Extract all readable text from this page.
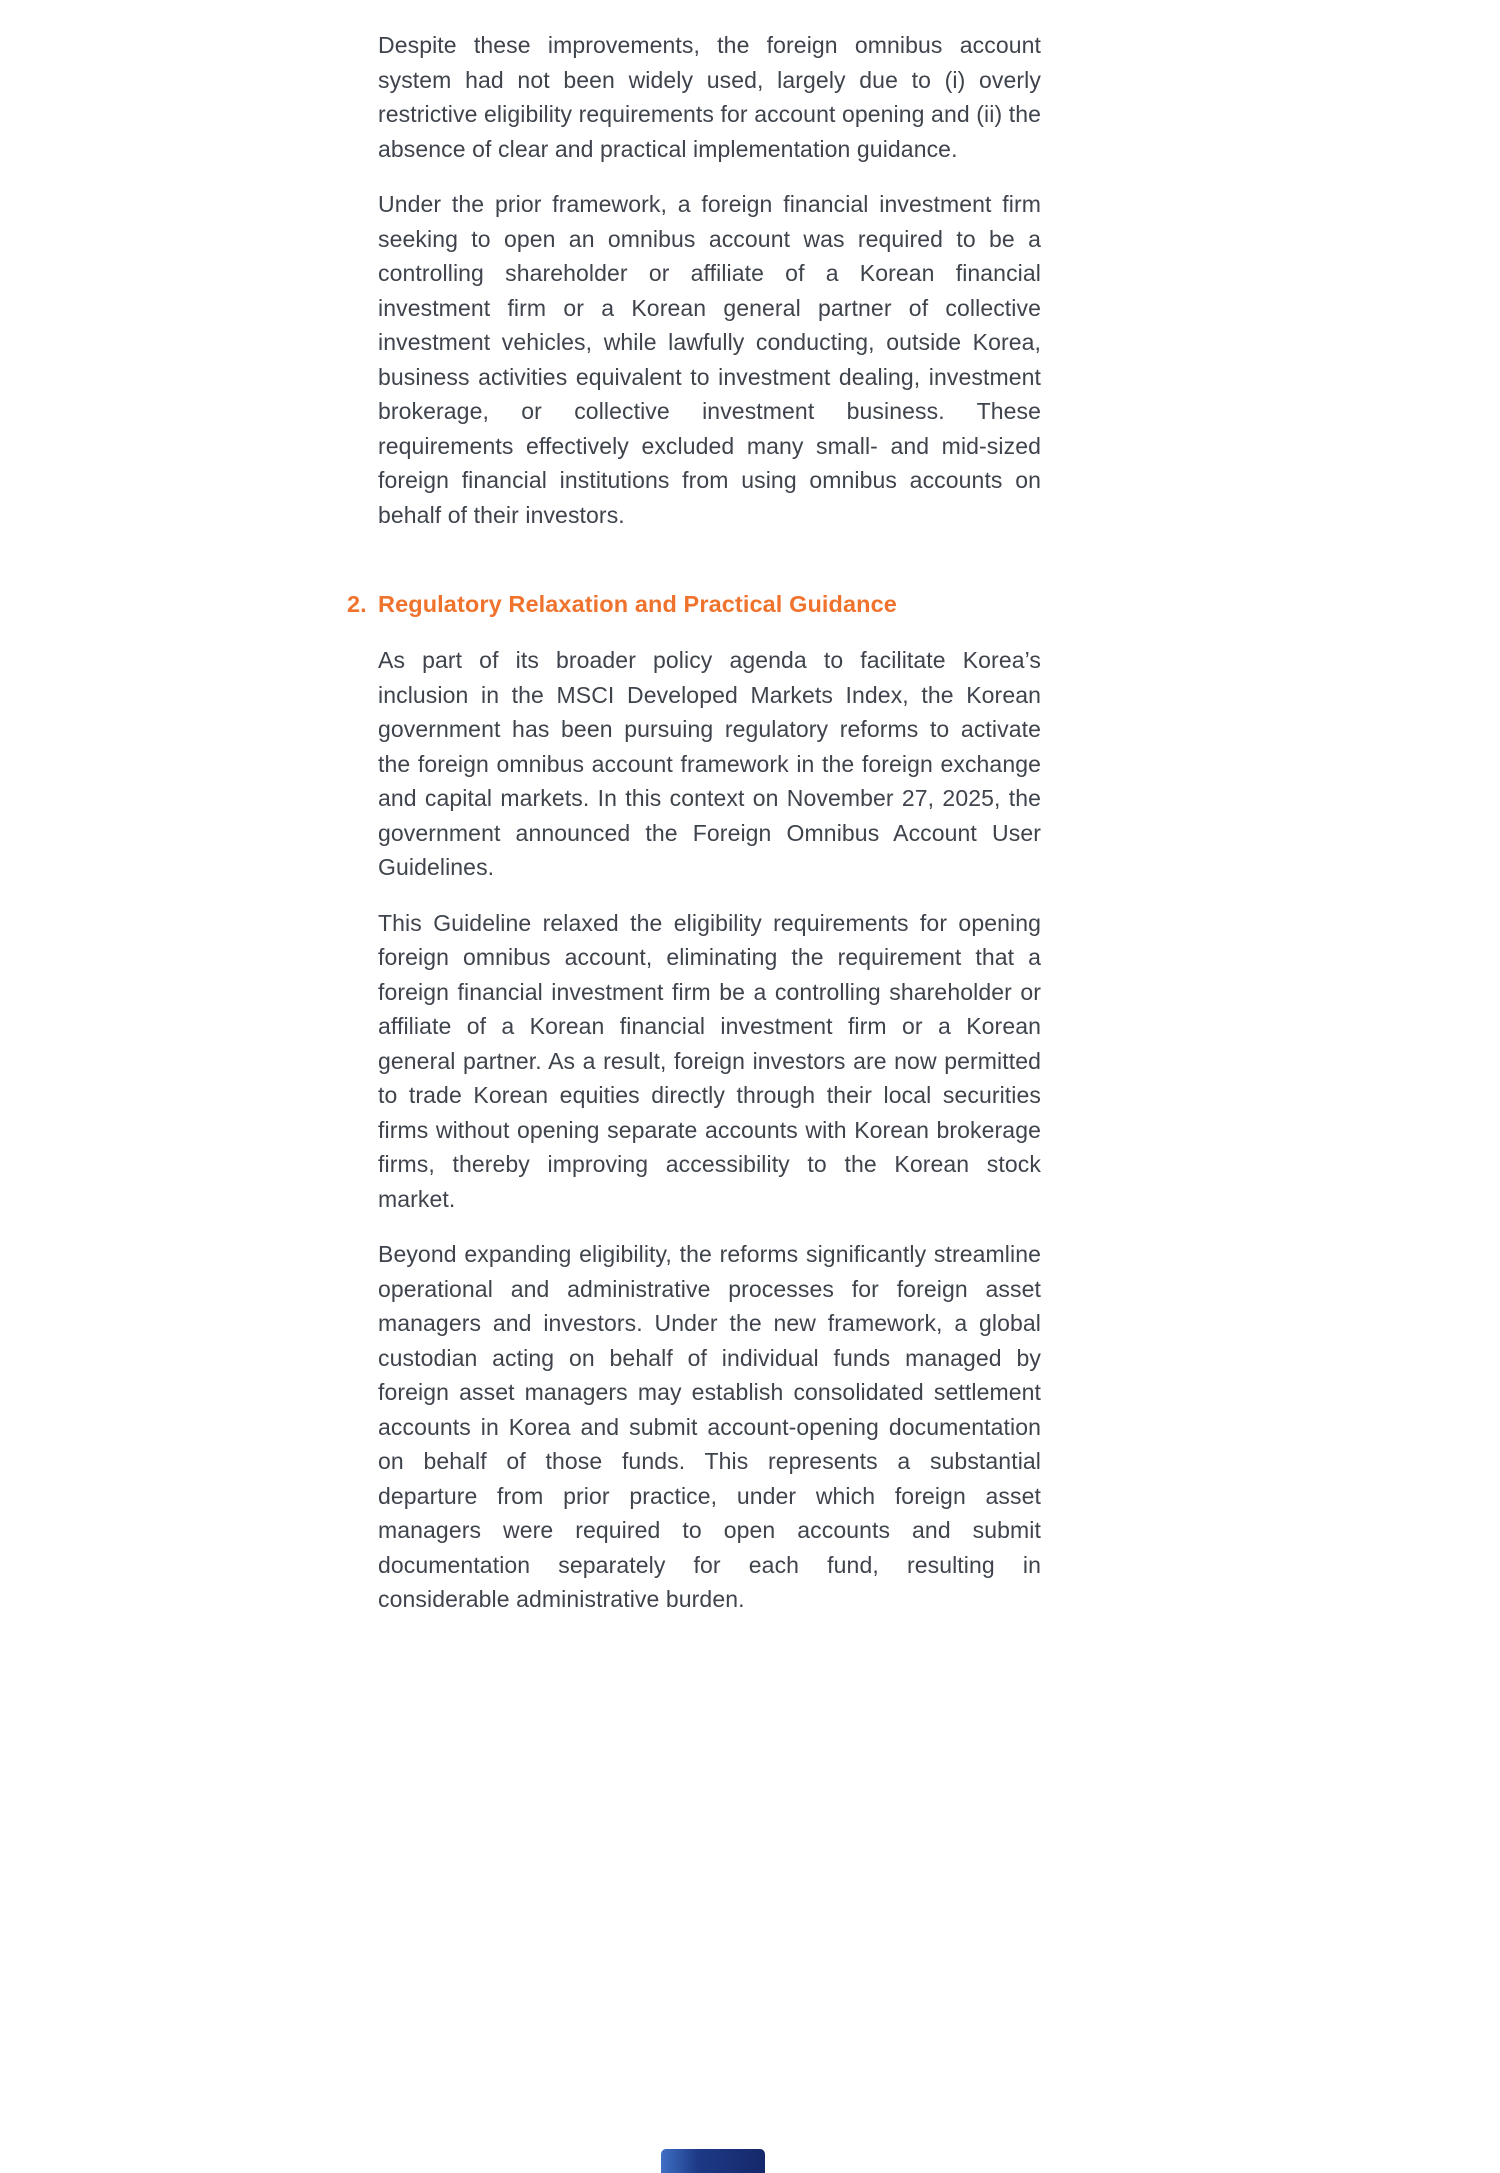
Despite these improvements, the foreign omnibus account system had not been widely used, largely due to (i) overly restrictive eligibility requirements for account opening and (ii) the absence of clear and practical implementation guidance.

Under the prior framework, a foreign financial investment firm seeking to open an omnibus account was required to be a controlling shareholder or affiliate of a Korean financial investment firm or a Korean general partner of collective investment vehicles, while lawfully conducting, outside Korea, business activities equivalent to investment dealing, investment brokerage, or collective investment business. These requirements effectively excluded many small- and mid-sized foreign financial institutions from using omnibus accounts on behalf of their investors.

2. Regulatory Relaxation and Practical Guidance

As part of its broader policy agenda to facilitate Korea’s inclusion in the MSCI Developed Markets Index, the Korean government has been pursuing regulatory reforms to activate the foreign omnibus account framework in the foreign exchange and capital markets. In this context on November 27, 2025, the government announced the Foreign Omnibus Account User Guidelines.

This Guideline relaxed the eligibility requirements for opening foreign omnibus account, eliminating the requirement that a foreign financial investment firm be a controlling shareholder or affiliate of a Korean financial investment firm or a Korean general partner. As a result, foreign investors are now permitted to trade Korean equities directly through their local securities firms without opening separate accounts with Korean brokerage firms, thereby improving accessibility to the Korean stock market.

Beyond expanding eligibility, the reforms significantly streamline operational and administrative processes for foreign asset managers and investors. Under the new framework, a global custodian acting on behalf of individual funds managed by foreign asset managers may establish consolidated settlement accounts in Korea and submit account-opening documentation on behalf of those funds. This represents a substantial departure from prior practice, under which foreign asset managers were required to open accounts and submit documentation separately for each fund, resulting in considerable administrative burden.
